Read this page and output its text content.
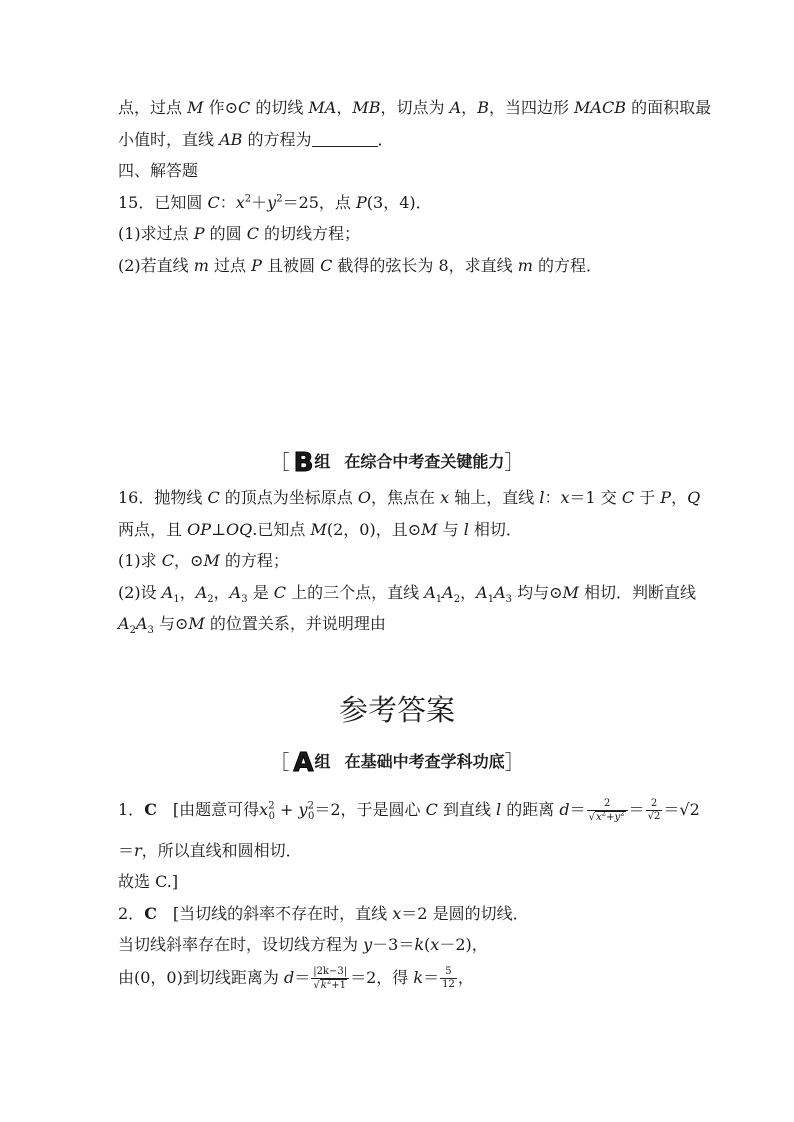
点，过点 M 作⊙C 的切线 MA，MB，切点为 A，B，当四边形 MACB 的面积取最
小值时，直线 AB 的方程为	．
四、解答题
15．已知圆 C：$x^2+y^2=25$，点 P(3，4)．
(1)求过点 P 的圆 C 的切线方程；
(2)若直线 m 过点 P 且被圆 C 截得的弦长为 8，求直线 m 的方程．
［ B 组 在综合中考查关键能力］
16．抛物线 C 的顶点为坐标原点 O，焦点在 x 轴上，直线 l：x＝1 交 C 于 P，Q
两点，且 OP⊥OQ.已知点 M(2，0)，且⊙M 与 l 相切．
(1)求 C，⊙M 的方程；
(2)设 $A_1$，$A_2$，$A_3$ 是 C 上的三个点，直线 $A_1A_2$，$A_1A_3$ 均与⊙M 相切．判断直线
$A_2A_3$ 与⊙M 的位置关系，并说明理由
参考答案
［ A 组 在基础中考查学科功底］
1．C　[由题意可得$x^2_0 + y^2_0=2$，于是圆心 C 到直线 l 的距离 $d= \frac{2}{√x^2+y^2} = \frac{2}{√2} =√2$
＝r，所以直线和圆相切．
故选 C.]
2．C　[当切线的斜率不存在时，直线 x＝2 是圆的切线．
当切线斜率存在时，设切线方程为 y－3＝k(x－2)，
由(0，0)到切线距离为 $d= \frac{|2k-3|}{√k^2+1} =2$，得 $k= \frac{5}{12}$ ，
